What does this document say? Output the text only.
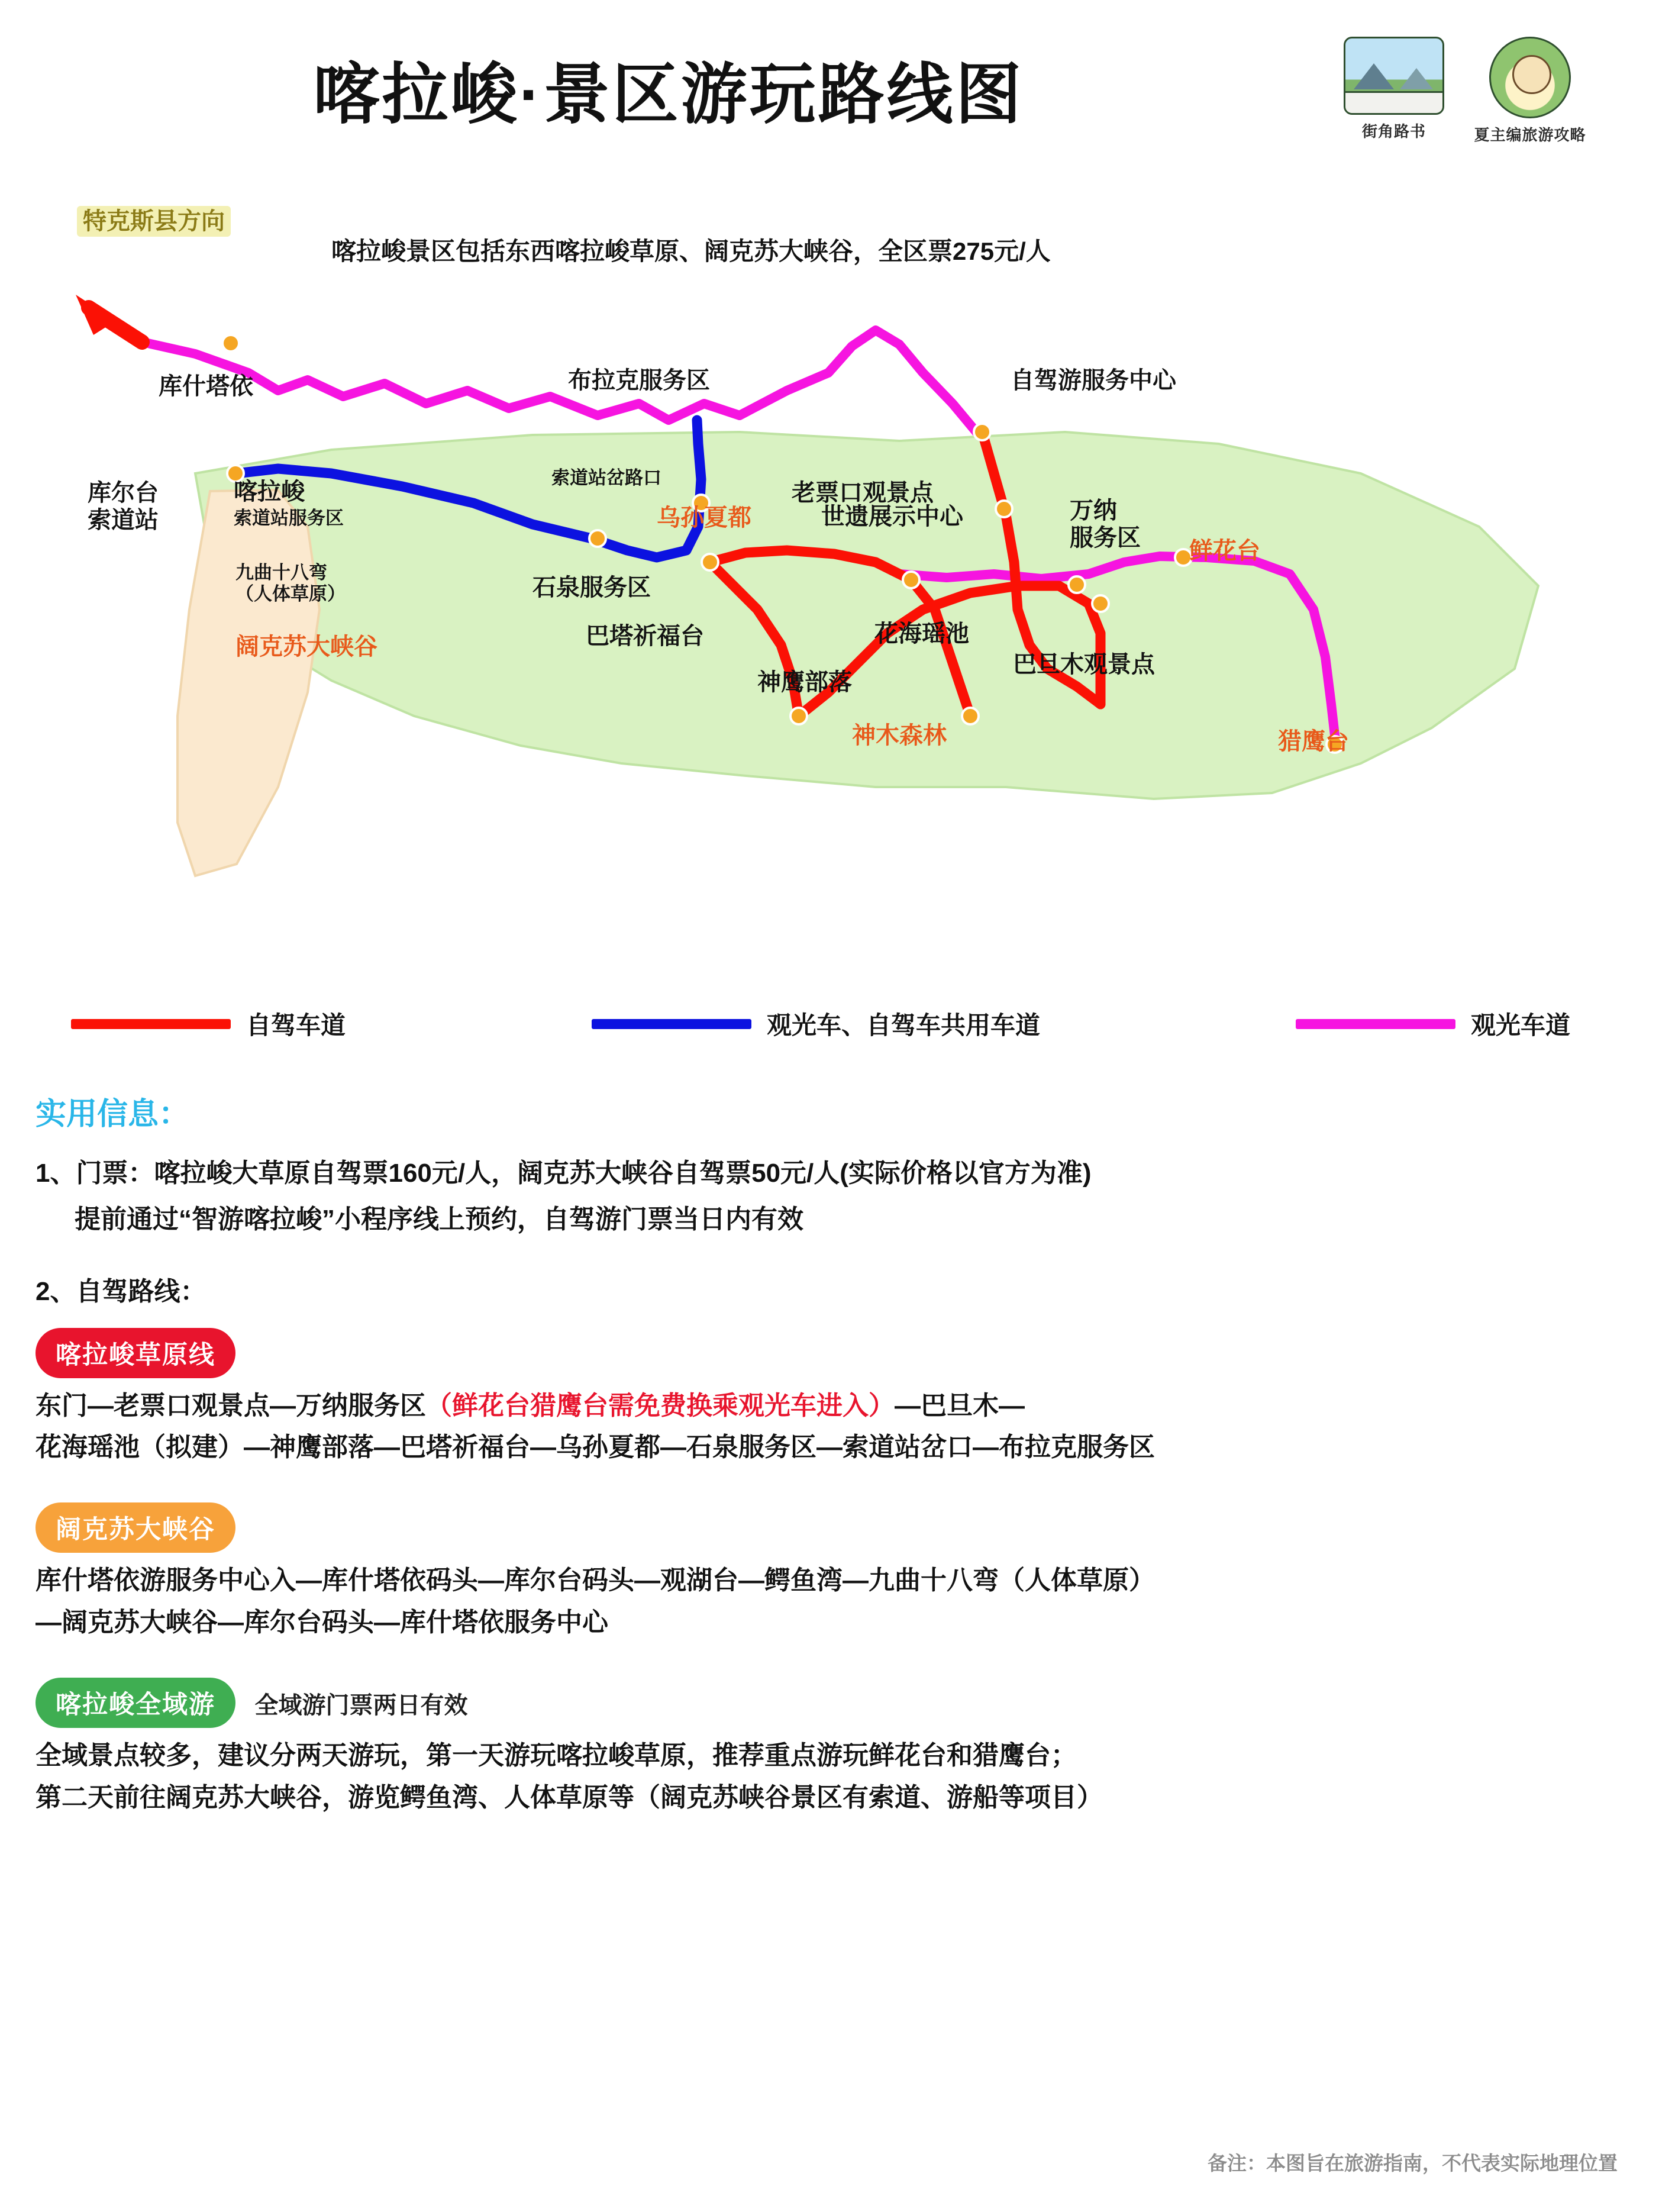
喀拉峻·景区游玩路线图	街角路书	夏主编旅游攻略
喀拉峻景区包括东西喀拉峻草原、阔克苏大峡谷，全区票275元/人
特克斯县方向
库什塔依	布拉克服务区	自驾游服务中心
老票口观景点
库尔台
索道站
喀拉峻
索道站服务区
索道站岔路口
乌孙夏都	世遗展示中心	万纳
服务区 鲜花台
石泉服务区
巴塔祈福台	花海瑶池
巴旦木观景点
神鹰部落
神木森林	猎鹰台
九曲十八弯
（人体草原）
阔克苏大峡谷
自驾车道	观光车、自驾车共用车道	观光车道
实用信息：

1、门票：喀拉峻大草原自驾票160元/人，阔克苏大峡谷自驾票50元/人(实际价格以官方为准)

提前通过“智游喀拉峻”小程序线上预约，自驾游门票当日内有效

2、自驾路线：

喀拉峻草原线

东门—老票口观景点—万纳服务区（鲜花台猎鹰台需免费换乘观光车进入）—巴旦木—

花海瑶池（拟建）—神鹰部落—巴塔祈福台—乌孙夏都—石泉服务区—索道站岔口—布拉克服务区

阔克苏大峡谷

库什塔依游服务中心入—库什塔依码头—库尔台码头—观湖台—鳄鱼湾—九曲十八弯（人体草原）

—阔克苏大峡谷—库尔台码头—库什塔依服务中心

喀拉峻全域游 全域游门票两日有效

全域景点较多，建议分两天游玩，第一天游玩喀拉峻草原，推荐重点游玩鲜花台和猎鹰台；

第二天前往阔克苏大峡谷，游览鳄鱼湾、人体草原等（阔克苏峡谷景区有索道、游船等项目）

备注：本图旨在旅游指南，不代表实际地理位置
